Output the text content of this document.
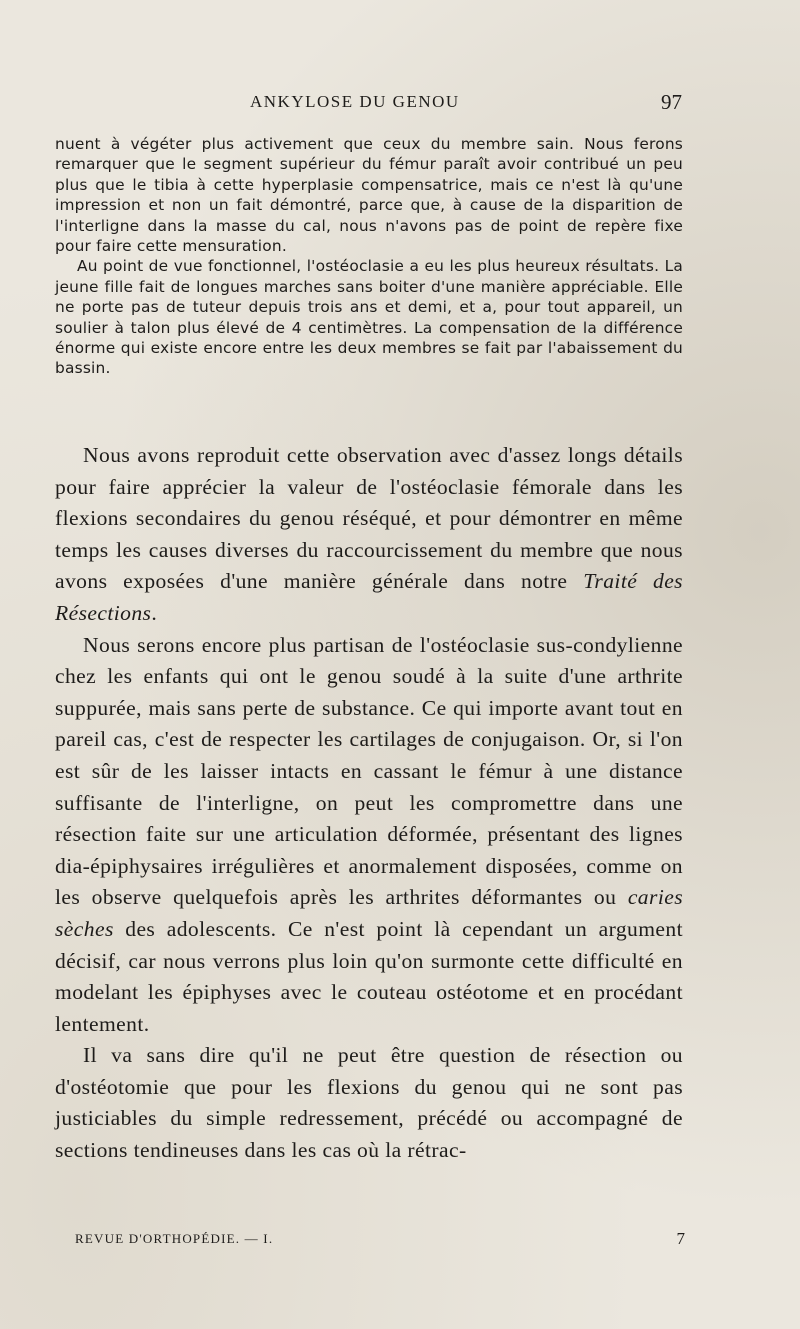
ANKYLOSE DU GENOU	97

nuent à végéter plus activement que ceux du membre sain. Nous ferons remarquer que le segment supérieur du fémur paraît avoir contribué un peu plus que le tibia à cette hyperplasie compensatrice, mais ce n'est là qu'une impression et non un fait démontré, parce que, à cause de la disparition de l'interligne dans la masse du cal, nous n'avons pas de point de repère fixe pour faire cette mensuration.

Au point de vue fonctionnel, l'ostéoclasie a eu les plus heureux résultats. La jeune fille fait de longues marches sans boiter d'une manière appréciable. Elle ne porte pas de tuteur depuis trois ans et demi, et a, pour tout appareil, un soulier à talon plus élevé de 4 centimètres. La compensation de la différence énorme qui existe encore entre les deux membres se fait par l'abaissement du bassin.

Nous avons reproduit cette observation avec d'assez longs détails pour faire apprécier la valeur de l'ostéoclasie fémorale dans les flexions secondaires du genou réséqué, et pour démontrer en même temps les causes diverses du raccourcissement du membre que nous avons exposées d'une manière générale dans notre Traité des Résections.

Nous serons encore plus partisan de l'ostéoclasie sus-condylienne chez les enfants qui ont le genou soudé à la suite d'une arthrite suppurée, mais sans perte de substance. Ce qui importe avant tout en pareil cas, c'est de respecter les cartilages de conjugaison. Or, si l'on est sûr de les laisser intacts en cassant le fémur à une distance suffisante de l'interligne, on peut les compromettre dans une résection faite sur une articulation déformée, présentant des lignes dia-épiphysaires irrégulières et anormalement disposées, comme on les observe quelquefois après les arthrites déformantes ou caries sèches des adolescents. Ce n'est point là cependant un argument décisif, car nous verrons plus loin qu'on surmonte cette difficulté en modelant les épiphyses avec le couteau ostéotome et en procédant lentement.

Il va sans dire qu'il ne peut être question de résection ou d'ostéotomie que pour les flexions du genou qui ne sont pas justiciables du simple redressement, précédé ou accompagné de sections tendineuses dans les cas où la rétrac-

REVUE D'ORTHOPÉDIE. — I.	7
